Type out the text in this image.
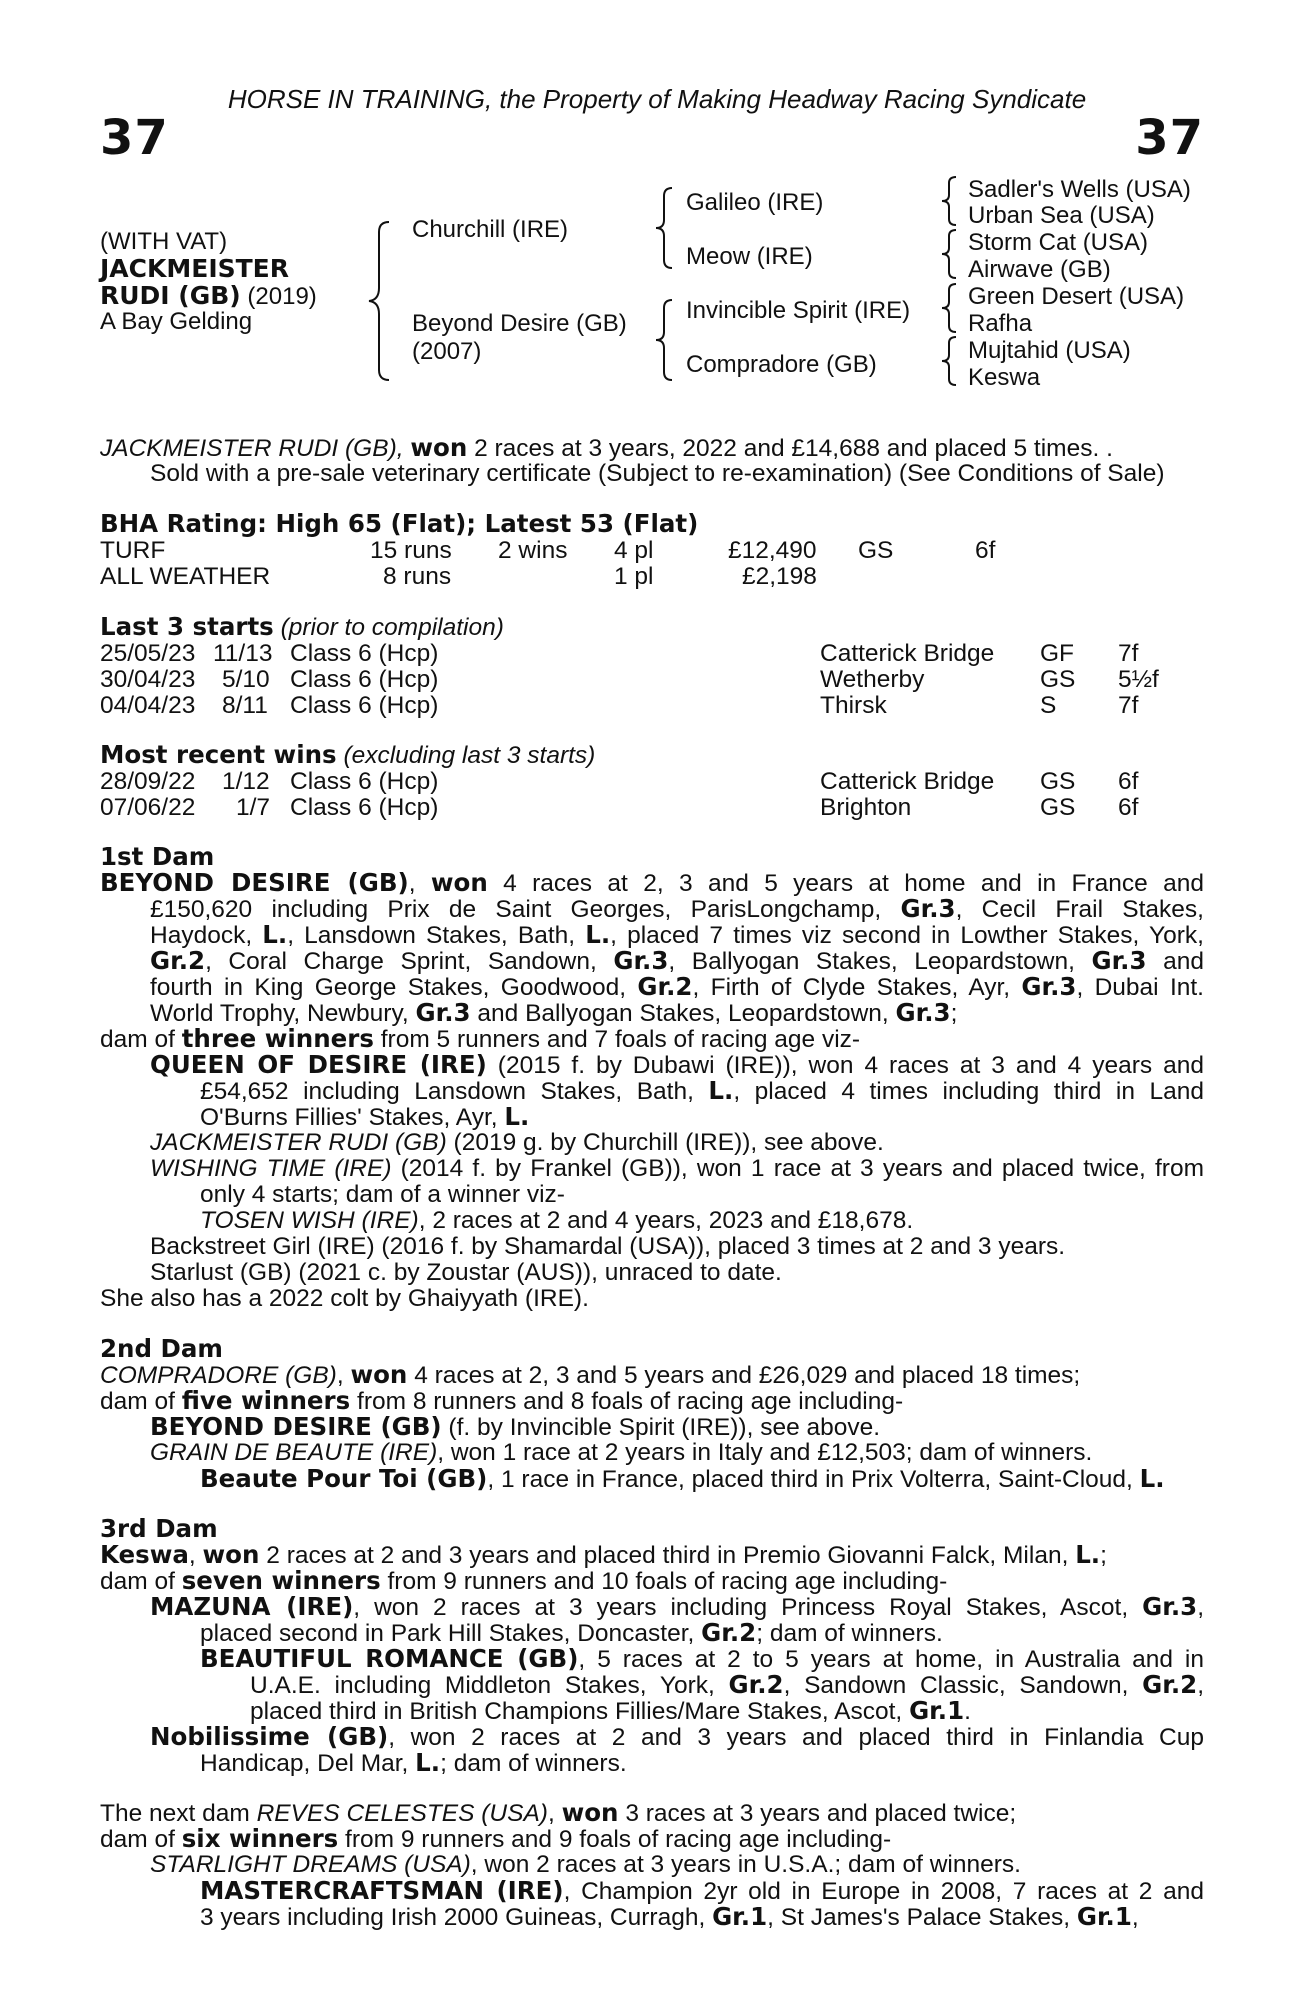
HORSE IN TRAINING, the Property of Making Headway Racing Syndicate
37	37
(WITH VAT)
JACKMEISTER
RUDI (GB) (2019)
A Bay Gelding
Churchill (IRE)
Beyond Desire (GB)
(2007)
Galileo (IRE)
Meow (IRE)
Invincible Spirit (IRE)
Compradore (GB)
Sadler's Wells (USA)
Urban Sea (USA)
Storm Cat (USA)
Airwave (GB)
Green Desert (USA)
Rafha
Mujtahid (USA)
Keswa
JACKMEISTER RUDI (GB), won 2 races at 3 years, 2022 and £14,688 and placed 5 times. .
Sold with a pre-sale veterinary certificate (Subject to re-examination) (See Conditions of Sale)
BHA Rating: High 65 (Flat); Latest 53 (Flat)
TURF	15 runs 2 wins 4 pl	£12,490 GS	6f
ALL WEATHER	8 runs	1 pl	£2,198
Last 3 starts (prior to compilation)
25/05/23 11/13 Class 6 (Hcp)	Catterick Bridge GF 7f
30/04/23 5/10 Class 6 (Hcp)	Wetherby	GS 5½f
04/04/23 8/11 Class 6 (Hcp)	Thirsk	S	7f
Most recent wins (excluding last 3 starts)
28/09/22 1/12 Class 6 (Hcp)	Catterick Bridge GS 6f
07/06/22 1/7 Class 6 (Hcp)	Brighton	GS 6f
1st Dam
BEYOND DESIRE (GB), won 4 races at 2, 3 and 5 years at home and in France and
£150,620 including Prix de Saint Georges, ParisLongchamp, Gr.3, Cecil Frail Stakes,
Haydock, L., Lansdown Stakes, Bath, L., placed 7 times viz second in Lowther Stakes, York,
Gr.2, Coral Charge Sprint, Sandown, Gr.3, Ballyogan Stakes, Leopardstown, Gr.3 and
fourth in King George Stakes, Goodwood, Gr.2, Firth of Clyde Stakes, Ayr, Gr.3, Dubai Int.
World Trophy, Newbury, Gr.3 and Ballyogan Stakes, Leopardstown, Gr.3;
dam of three winners from 5 runners and 7 foals of racing age viz-
QUEEN OF DESIRE (IRE) (2015 f. by Dubawi (IRE)), won 4 races at 3 and 4 years and
£54,652 including Lansdown Stakes, Bath, L., placed 4 times including third in Land
O'Burns Fillies' Stakes, Ayr, L.
JACKMEISTER RUDI (GB) (2019 g. by Churchill (IRE)), see above.
WISHING TIME (IRE) (2014 f. by Frankel (GB)), won 1 race at 3 years and placed twice, from
only 4 starts; dam of a winner viz-
TOSEN WISH (IRE), 2 races at 2 and 4 years, 2023 and £18,678.
Backstreet Girl (IRE) (2016 f. by Shamardal (USA)), placed 3 times at 2 and 3 years.
Starlust (GB) (2021 c. by Zoustar (AUS)), unraced to date.
She also has a 2022 colt by Ghaiyyath (IRE).
2nd Dam
COMPRADORE (GB), won 4 races at 2, 3 and 5 years and £26,029 and placed 18 times;
dam of five winners from 8 runners and 8 foals of racing age including-
BEYOND DESIRE (GB) (f. by Invincible Spirit (IRE)), see above.
GRAIN DE BEAUTE (IRE), won 1 race at 2 years in Italy and £12,503; dam of winners.
Beaute Pour Toi (GB), 1 race in France, placed third in Prix Volterra, Saint-Cloud, L.
3rd Dam
Keswa, won 2 races at 2 and 3 years and placed third in Premio Giovanni Falck, Milan, L.;
dam of seven winners from 9 runners and 10 foals of racing age including-
MAZUNA (IRE), won 2 races at 3 years including Princess Royal Stakes, Ascot, Gr.3,
placed second in Park Hill Stakes, Doncaster, Gr.2; dam of winners.
BEAUTIFUL ROMANCE (GB), 5 races at 2 to 5 years at home, in Australia and in
U.A.E. including Middleton Stakes, York, Gr.2, Sandown Classic, Sandown, Gr.2,
placed third in British Champions Fillies/Mare Stakes, Ascot, Gr.1.
Nobilissime (GB), won 2 races at 2 and 3 years and placed third in Finlandia Cup
Handicap, Del Mar, L.; dam of winners.
The next dam REVES CELESTES (USA), won 3 races at 3 years and placed twice;
dam of six winners from 9 runners and 9 foals of racing age including-
STARLIGHT DREAMS (USA), won 2 races at 3 years in U.S.A.; dam of winners.
MASTERCRAFTSMAN (IRE), Champion 2yr old in Europe in 2008, 7 races at 2 and
3 years including Irish 2000 Guineas, Curragh, Gr.1, St James's Palace Stakes, Gr.1,
